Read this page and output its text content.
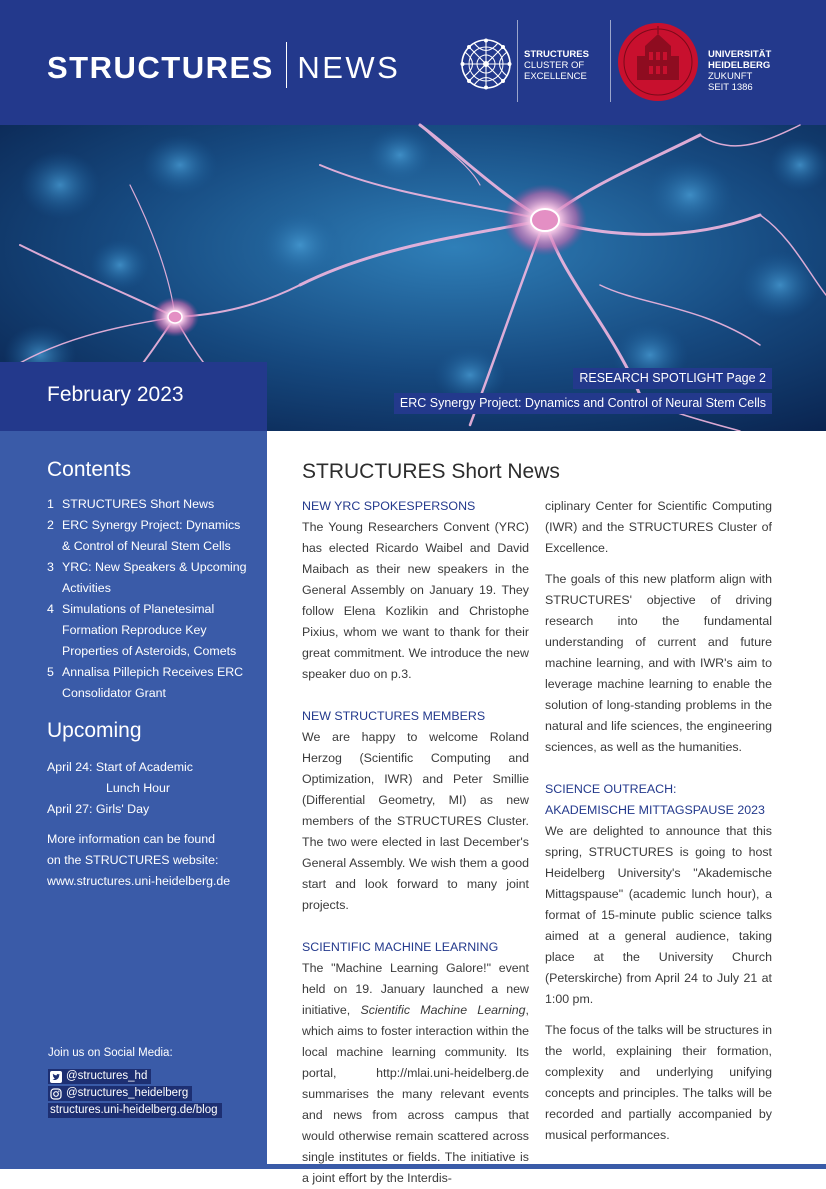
STRUCTURES NEWS	STRUCTURES
CLUSTER OF
EXCELLENCE
UNIVERSITÄT
HEIDELBERG
ZUKUNFT
SEIT 1386
February 2023
RESEARCH SPOTLIGHT Page 2
ERC Synergy Project: Dynamics and Control of Neural Stem Cells
Contents
1 STRUCTURES Short News
2 ERC Synergy Project: Dynamics & Control of Neural Stem Cells
3 YRC: New Speakers & Upcoming Activities
4 Simulations of Planetesimal Formation Reproduce Key Properties of Asteroids, Comets
5 Annalisa Pillepich Receives ERC Consolidator Grant
Upcoming
April 24: Start of Academic
Lunch Hour
April 27: Girls' Day
More information can be found
on the STRUCTURES website:
www.structures.uni-heidelberg.de
Join us on Social Media:
@structures_hd
@structures_heidelberg
structures.uni-heidelberg.de/blog
STRUCTURES Short News
NEW YRC SPOKESPERSONS

The Young Researchers Convent (YRC) has elected Ricardo Waibel and David Maibach as their new speakers in the General Assembly on January 19. They follow Elena Kozlikin and Christophe Pixius, whom we want to thank for their great commitment. We introduce the new speaker duo on p.3.

NEW STRUCTURES MEMBERS

We are happy to welcome Roland Herzog (Scientific Computing and Optimization, IWR) and Peter Smillie (Differential Geometry, MI) as new members of the STRUCTURES Cluster. The two were elected in last December's General Assembly. We wish them a good start and look forward to many joint projects.

SCIENTIFIC MACHINE LEARNING

The "Machine Learning Galore!" event held on 19. January launched a new initiative, Scientific Machine Learning, which aims to foster interaction within the local machine learning community. Its portal, http://mlai.uni-heidelberg.de summarises the many relevant events and news from across campus that would otherwise remain scattered across single institutes or fields. The initiative is a joint effort by the Interdis-

ciplinary Center for Scientific Computing (IWR) and the STRUCTURES Cluster of Excellence.

The goals of this new platform align with STRUCTURES' objective of driving research into the fundamental understanding of current and future machine learning, and with IWR's aim to leverage machine learning to enable the solution of long-standing problems in the natural and life sciences, the engineering sciences, as well as the humanities.

SCIENCE OUTREACH:
AKADEMISCHE MITTAGSPAUSE 2023

We are delighted to announce that this spring, STRUCTURES is going to host Heidelberg University's "Akademische Mittagspause" (academic lunch hour), a format of 15-minute public science talks aimed at a general audience, taking place at the University Church (Peterskirche) from April 24 to July 21 at 1:00 pm.

The focus of the talks will be structures in the world, explaining their formation, complexity and underlying unifying concepts and principles. The talks will be recorded and partially accompanied by musical performances.
